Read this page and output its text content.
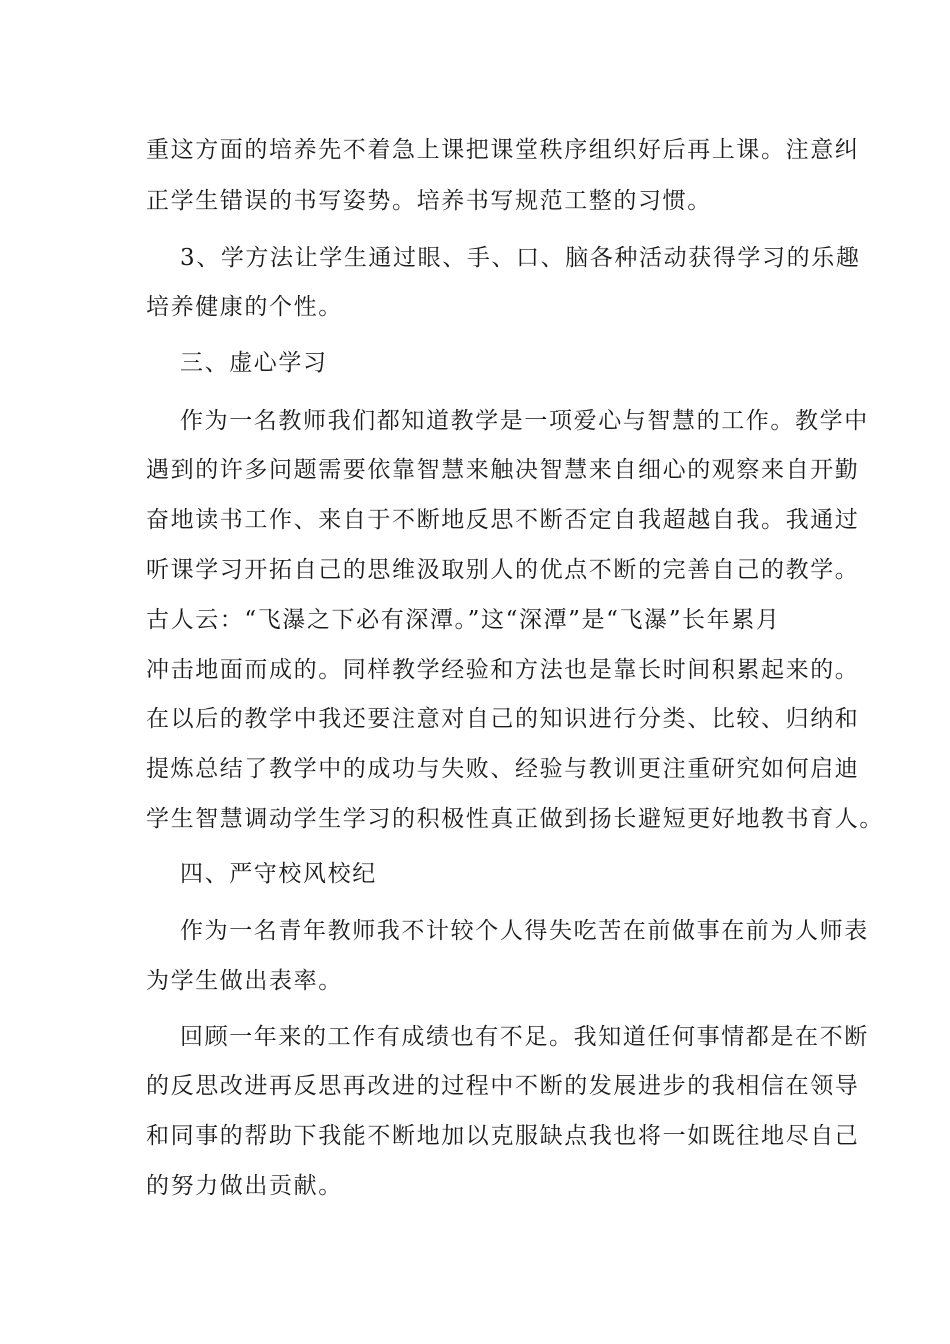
重这方面的培养先不着急上课把课堂秩序组织好后再上课。注意纠
正学生错误的书写姿势。培养书写规范工整的习惯。
3、学方法让学生通过眼、手、口、脑各种活动获得学习的乐趣
培养健康的个性。
三、虚心学习
作为一名教师我们都知道教学是一项爱心与智慧的工作。教学中
遇到的许多问题需要依靠智慧来触决智慧来自细心的观察来自开勤
奋地读书工作、来自于不断地反思不断否定自我超越自我。我通过
听课学习开拓自己的思维汲取别人的优点不断的完善自己的教学。
古人云：“飞瀑之下必有深潭。”这“深潭”是“飞瀑”长年累月
冲击地面而成的。同样教学经验和方法也是靠长时间积累起来的。
在以后的教学中我还要注意对自己的知识进行分类、比较、归纳和
提炼总结了教学中的成功与失败、经验与教训更注重研究如何启迪
学生智慧调动学生学习的积极性真正做到扬长避短更好地教书育人。
四、严守校风校纪
作为一名青年教师我不计较个人得失吃苦在前做事在前为人师表
为学生做出表率。
回顾一年来的工作有成绩也有不足。我知道任何事情都是在不断
的反思改进再反思再改进的过程中不断的发展进步的我相信在领导
和同事的帮助下我能不断地加以克服缺点我也将一如既往地尽自己
的努力做出贡献。
